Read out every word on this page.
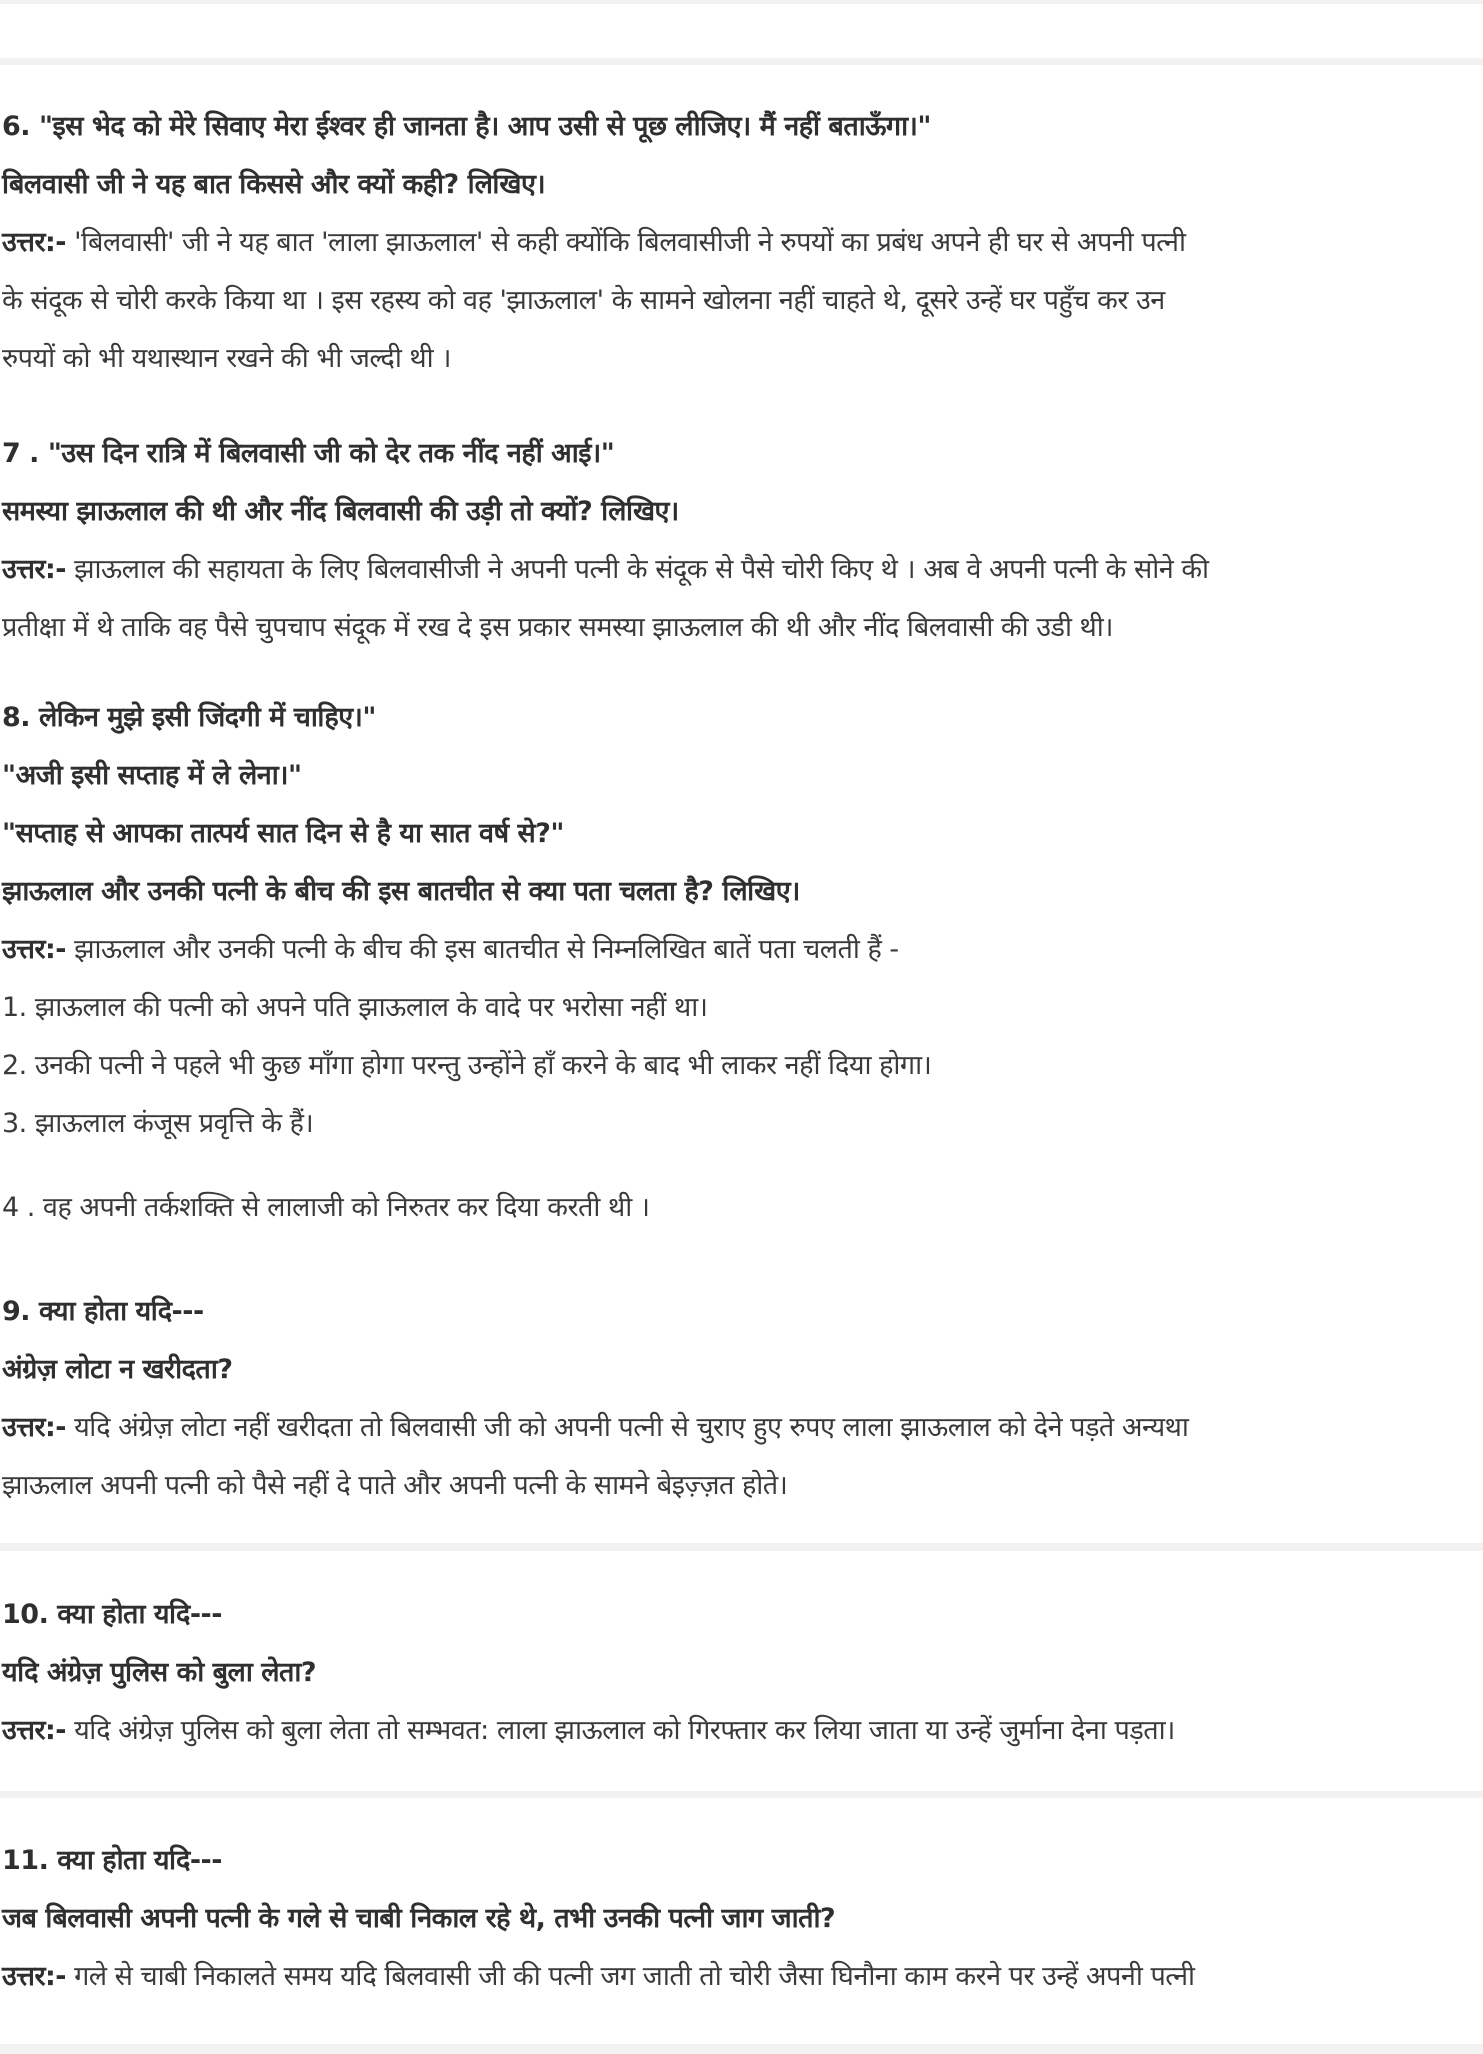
6. "इस भेद को मेरे सिवाए मेरा ईश्वर ही जानता है। आप उसी से पूछ लीजिए। मैं नहीं बताऊँगा।"
बिलवासी जी ने यह बात किससे और क्यों कही? लिखिए।
उत्तर:- 'बिलवासी' जी ने यह बात 'लाला झाऊलाल' से कही क्योंकि बिलवासीजी ने रुपयों का प्रबंध अपने ही घर से अपनी पत्नी
के संदूक से चोरी करके किया था । इस रहस्य को वह 'झाऊलाल' के सामने खोलना नहीं चाहते थे, दूसरे उन्हें घर पहुँच कर उन
रुपयों को भी यथास्थान रखने की भी जल्दी थी ।
7 . "उस दिन रात्रि में बिलवासी जी को देर तक नींद नहीं आई।"
समस्या झाऊलाल की थी और नींद बिलवासी की उड़ी तो क्यों? लिखिए।
उत्तर:- झाऊलाल की सहायता के लिए बिलवासीजी ने अपनी पत्नी के संदूक से पैसे चोरी किए थे । अब वे अपनी पत्नी के सोने की
प्रतीक्षा में थे ताकि वह पैसे चुपचाप संदूक में रख दे इस प्रकार समस्या झाऊलाल की थी और नींद बिलवासी की उडी थी।
8. लेकिन मुझे इसी जिंदगी में चाहिए।"
"अजी इसी सप्ताह में ले लेना।"
"सप्ताह से आपका तात्पर्य सात दिन से है या सात वर्ष से?"
झाऊलाल और उनकी पत्नी के बीच की इस बातचीत से क्या पता चलता है? लिखिए।
उत्तर:- झाऊलाल और उनकी पत्नी के बीच की इस बातचीत से निम्नलिखित बातें पता चलती हैं -
1. झाऊलाल की पत्नी को अपने पति झाऊलाल के वादे पर भरोसा नहीं था।
2. उनकी पत्नी ने पहले भी कुछ माँगा होगा परन्तु उन्होंने हाँ करने के बाद भी लाकर नहीं दिया होगा।
3. झाऊलाल कंजूस प्रवृत्ति के हैं।
4 . वह अपनी तर्कशक्ति से लालाजी को निरुतर कर दिया करती थी ।
9. क्या होता यदि---
अंग्रेज़ लोटा न खरीदता?
उत्तर:- यदि अंग्रेज़ लोटा नहीं खरीदता तो बिलवासी जी को अपनी पत्नी से चुराए हुए रुपए लाला झाऊलाल को देने पड़ते अन्यथा
झाऊलाल अपनी पत्नी को पैसे नहीं दे पाते और अपनी पत्नी के सामने बेइज़्ज़त होते।
10. क्या होता यदि---
यदि अंग्रेज़ पुलिस को बुला लेता?
उत्तर:- यदि अंग्रेज़ पुलिस को बुला लेता तो सम्भवत: लाला झाऊलाल को गिरफ्तार कर लिया जाता या उन्हें जुर्माना देना पड़ता।
11. क्या होता यदि---
जब बिलवासी अपनी पत्नी के गले से चाबी निकाल रहे थे, तभी उनकी पत्नी जाग जाती?
उत्तर:- गले से चाबी निकालते समय यदि बिलवासी जी की पत्नी जग जाती तो चोरी जैसा घिनौना काम करने पर उन्हें अपनी पत्नी
